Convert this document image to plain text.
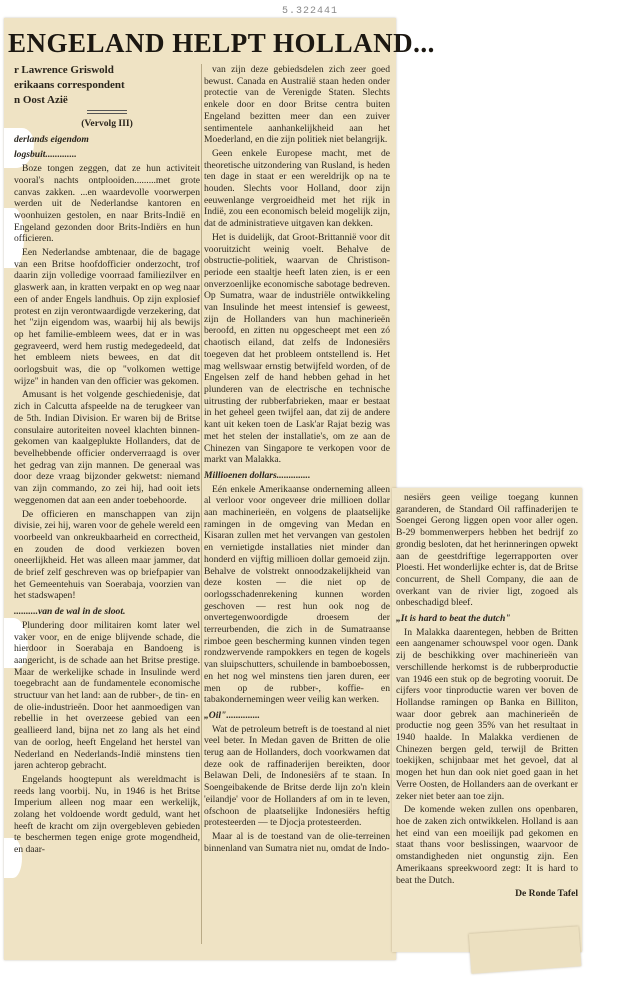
5.322441
ENGELAND HELPT HOLLAND...

r Lawrence Griswold

erikaans correspondent

n Oost Azië

(Vervolg III)

derlands eigendom

logsbuit.............

Boze tongen zeggen, dat ze hun activiteit vooral's nachts ontplooiden.........met grote canvas zakken. ...en waardevolle voorwerpen werden uit de Nederlandse kantoren en woonhuizen gestolen, en naar Brits-Indië en Engeland gezonden door Brits-Indiërs en hun officieren.

Een Nederlandse ambtenaar, die de bagage van een Britse hoofdofficier onderzocht, trof daarin zijn volledige voorraad familiezilver en glaswerk aan, in kratten verpakt en op weg naar een of ander Engels landhuis. Op zijn explosief protest en zijn verontwaardigde verzekering, dat het "zijn eigendom was, waarbij hij als bewijs op het familie-embleem wees, dat er in was gegraveerd, werd hem rustig medegedeeld, dat het embleem niets bewees, en dat dit oorlogsbuit was, die op "volkomen wettige wijze" in handen van den officier was gekomen.

Amusant is het volgende geschiedenisje, dat zich in Calcutta afspeelde na de terugkeer van de 5th. Indian Division. Er waren bij de Britse consulaire autoriteiten noveel klachten binnen-gekomen van kaalgeplukte Hollanders, dat de bevelhebbende officier onderverraagd is over het gedrag van zijn mannen. De generaal was door deze vraag bijzonder gekwetst: niemand van zijn commando, zo zei hij, had ooit iets weggenomen dat aan een ander toebehoorde.

De officieren en manschappen van zijn divisie, zei hij, waren voor de gehele wereld een voorbeeld van onkreukbaarheid en correctheid, en zouden de dood verkiezen boven oneerlijkheid. Het was alleen maar jammer, dat de brief zelf geschreven was op briefpapier van het Gemeentehuis van Soerabaja, voorzien van het stadswapen!

..........van de wal in de sloot.

Plundering door militairen komt later wel vaker voor, en de enige blijvende schade, die hierdoor in Soerabaja en Bandoeng is aangericht, is de schade aan het Britse prestige. Maar de werkelijke schade in Insulinde werd toegebracht aan de fundamentele economische structuur van het land: aan de rubber-, de tin- en de olie-industrieën. Door het aanmoedigen van rebellie in het overzeese gebied van een geallieerd land, bijna net zo lang als het eind van de oorlog, heeft Engeland het herstel van Nederland en Nederlands-Indië minstens tien jaren achterop gebracht.

Engelands hoogtepunt als wereldmacht is reeds lang voorbij. Nu, in 1946 is het Britse Imperium alleen nog maar een werkelijk, zolang het voldoende wordt geduld, want het heeft de kracht om zijn overgebleven gebieden te beschermen tegen enige grote mogendheid, en daar-

van zijn deze gebiedsdelen zich zeer goed bewust. Canada en Australië staan heden onder protectie van de Verenigde Staten. Slechts enkele door en door Britse centra buiten Engeland bezitten meer dan een zuiver sentimentele aanhankelijkheid aan het Moederland, en die zijn politiek niet belangrijk.

Geen enkele Europese macht, met de theoretische uitzondering van Rusland, is heden ten dage in staat er een wereldrijk op na te houden. Slechts voor Holland, door zijn eeuwenlange vergroeidheid met het rijk in Indië, zou een economisch beleid mogelijk zijn, dat de administratieve uitgaven kan dekken.

Het is duidelijk, dat Groot-Brittannië voor dit vooruitzicht weinig voelt. Behalve de obstructie-politiek, waarvan de Christison-periode een staaltje heeft laten zien, is er een onverzoenlijke economische sabotage bedreven. Op Sumatra, waar de industriële ontwikkeling van Insulinde het meest intensief is geweest, zijn de Hollanders van hun machinerieën beroofd, en zitten nu opgescheept met een zó chaotisch eiland, dat zelfs de Indonesiërs toegeven dat het probleem ontstellend is. Het mag wellswaar ernstig betwijfeld worden, of de Engelsen zelf de hand hebben gehad in het plunderen van de electrische en technische uitrusting der rubberfabrieken, maar er bestaat in het geheel geen twijfel aan, dat zij de andere kant uit keken toen de Lask'ar Rajat bezig was met het stelen der installatie's, om ze aan de Chinezen van Singapore te verkopen voor de markt van Malakka.

Millioenen dollars..............

Eén enkele Amerikaanse onderneming alleen al verloor voor ongeveer drie millioen dollar aan machinerieën, en volgens de plaatselijke ramingen in de omgeving van Medan en Kisaran zullen met het vervangen van gestolen en vernietigde installaties niet minder dan honderd en vijftig millioen dollar gemoeid zijn. Behalve de volstrekt onnoodzakelijkheid van deze kosten — die niet op de oorlogsschadenrekening kunnen worden geschoven — rest hun ook nog de onvertegenwoordigde droesem der terreurbenden, die zich in de Sumatraanse rimboe geen bescherming kunnen vinden tegen rondzwervende rampokkers en tegen de kogels van sluipschutters, schuilende in bamboebossen, en het nog wel minstens tien jaren duren, eer men op de rubber-, koffie- en tabakondernemingen weer veilig kan werken.

„Oil"..............

Wat de petroleum betreft is de toestand al niet veel beter. In Medan gaven de Britten de olie terug aan de Hollanders, doch voorkwamen dat deze ook de raffinaderijen bereikten, door Belawan Deli, de Indonesiërs af te staan. In Soengeibakende de Britse derde lijn zo'n klein 'eilandje' voor de Hollanders af om in te leven, ofschoon de plaatselijke Indonesiërs heftig protesteerden — te Djocja protesteerden.

Maar al is de toestand van de olie-terreinen binnenland van Sumatra niet nu, omdat de Indo-

nesiërs geen veilige toegang kunnen garanderen, de Standard Oil raffinaderijen te Soengei Gerong liggen open voor aller ogen. B-29 bommenwerpers hebben het bedrijf zo grondig besloten, dat het herinneringen opwekt aan de geestdriftige legerrapporten over Ploesti. Het wonderlijke echter is, dat de Britse concurrent, de Shell Company, die aan de overkant van de rivier ligt, zogoed als onbeschadigd bleef.

„It is hard to beat the dutch"

In Malakka daarentegen, hebben de Britten een aangenamer schouwspel voor ogen. Dank zij de beschikking over machinerieën van verschillende herkomst is de rubberproductie van 1946 een stuk op de begroting vooruit. De cijfers voor tinproductie waren ver boven de Hollandse ramingen op Banka en Billiton, waar door gebrek aan machinerieën de productie nog geen 35% van het resultaat in 1940 haalde. In Malakka verdienen de Chinezen bergen geld, terwijl de Britten toekijken, schijnbaar met het gevoel, dat al mogen het hun dan ook niet goed gaan in het Verre Oosten, de Hollanders aan de overkant er zeker niet beter aan toe zijn.

De komende weken zullen ons openbaren, hoe de zaken zich ontwikkelen. Holland is aan het eind van een moeilijk pad gekomen en staat thans voor beslissingen, waarvoor de omstandigheden niet ongunstig zijn. Een Amerikaans spreekwoord zegt: It is hard to beat the Dutch.

De Ronde Tafel
